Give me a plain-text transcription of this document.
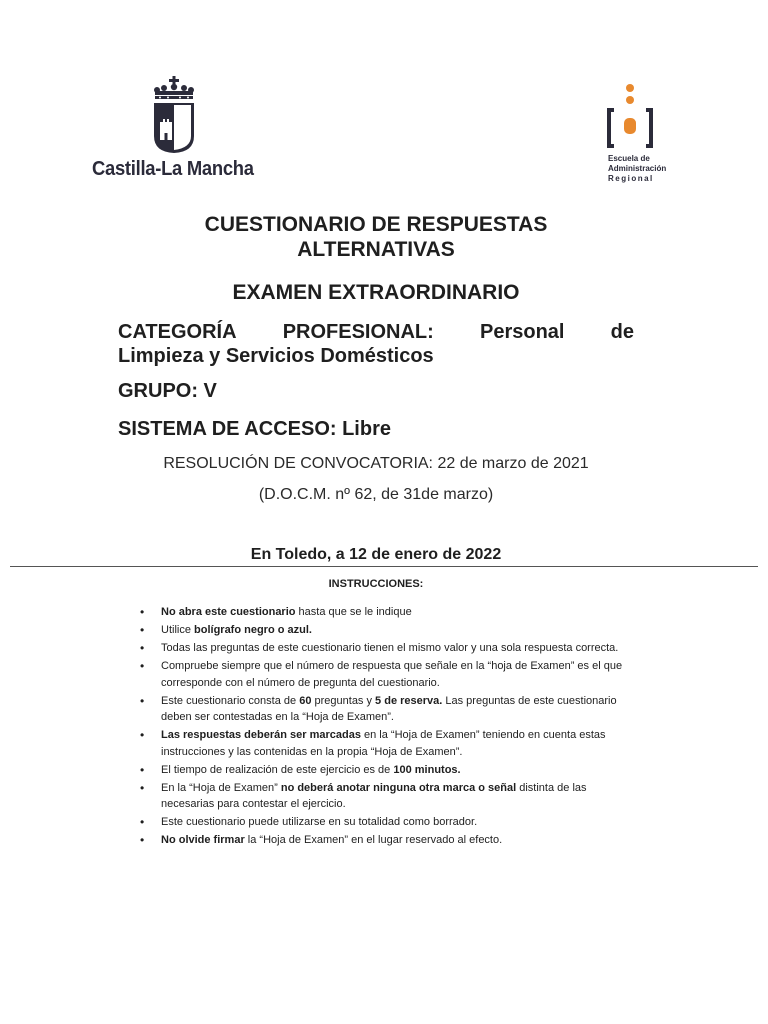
Castilla-La Mancha	Escuela de
Administración
Regional
CUESTIONARIO DE RESPUESTAS
ALTERNATIVAS
EXAMEN EXTRAORDINARIO
CATEGORÍA PROFESIONAL: Personal de
Limpieza y Servicios Domésticos
GRUPO: V
SISTEMA DE ACCESO: Libre
RESOLUCIÓN DE CONVOCATORIA: 22 de marzo de 2021
(D.O.C.M. nº 62, de 31de marzo)
En Toledo, a 12 de enero de 2022
INSTRUCCIONES:
• No abra este cuestionario hasta que se le indique
• Utilice bolígrafo negro o azul.
• Todas las preguntas de este cuestionario tienen el mismo valor y una sola respuesta correcta.
• Compruebe siempre que el número de respuesta que señale en la “hoja de Examen” es el que corresponde con el número de pregunta del cuestionario.
• Este cuestionario consta de 60 preguntas y 5 de reserva. Las preguntas de este cuestionario deben ser contestadas en la “Hoja de Examen”.
• Las respuestas deberán ser marcadas en la “Hoja de Examen” teniendo en cuenta estas instrucciones y las contenidas en la propia “Hoja de Examen”.
• El tiempo de realización de este ejercicio es de 100 minutos.
• En la “Hoja de Examen” no deberá anotar ninguna otra marca o señal distinta de las necesarias para contestar el ejercicio.
• Este cuestionario puede utilizarse en su totalidad como borrador.
• No olvide firmar la “Hoja de Examen” en el lugar reservado al efecto.
